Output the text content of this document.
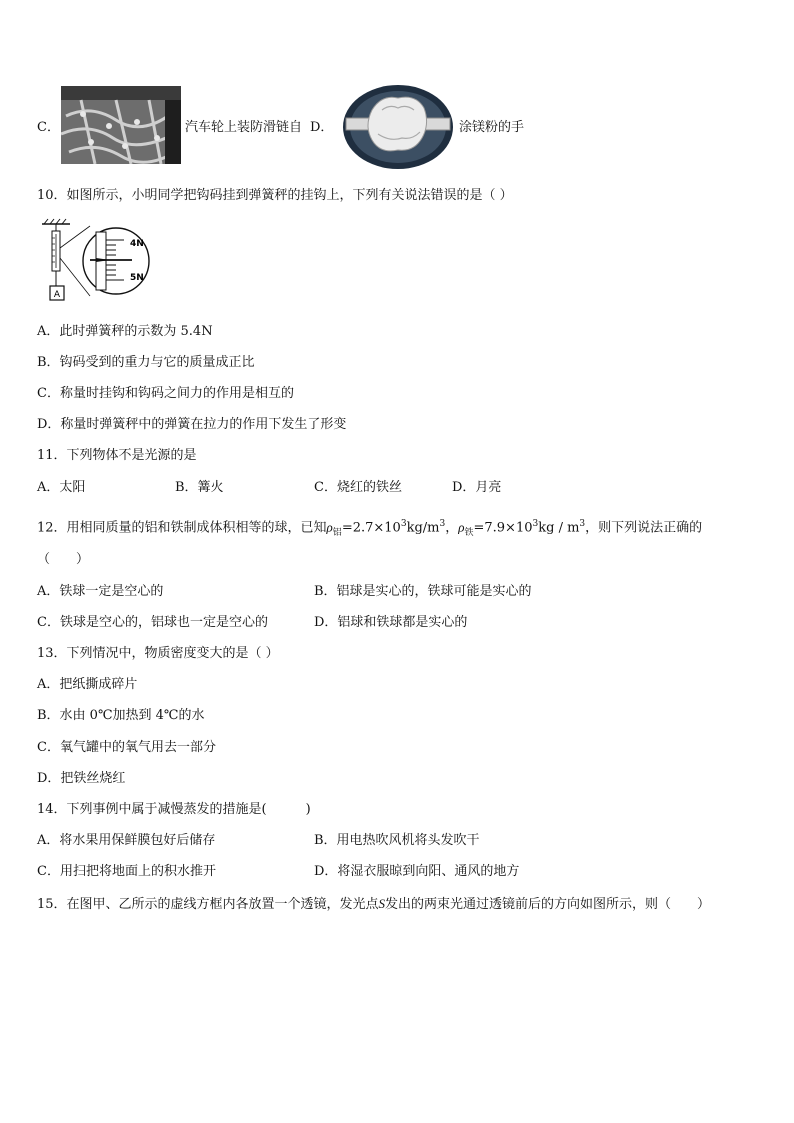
C．	汽车轮上装防滑链自 D．	涂镁粉的手
10．如图所示，小明同学把钩码挂到弹簧秤的挂钩上，下列有关说法错误的是（ ）
A
4N
5N
A．此时弹簧秤的示数为 5.4N
B．钩码受到的重力与它的质量成正比
C．称量时挂钩和钩码之间力的作用是相互的
D．称量时弹簧秤中的弹簧在拉力的作用下发生了形变
11．下列物体不是光源的是
A．太阳	B．篝火	C．烧红的铁丝	D．月亮
12．用相同质量的铝和铁制成体积相等的球，已知$\rho_铝=2.7\times 10^3kg/m^3$，$\rho_铁=7.9\times 10^3kg / m^3$，则下列说法正确的
（　　）
A．铁球一定是空心的	B．铝球是实心的，铁球可能是实心的
C．铁球是空心的，铝球也一定是空心的	D．铝球和铁球都是实心的
13．下列情况中，物质密度变大的是（ ）
A．把纸撕成碎片
B．水由 0℃加热到 4℃的水
C．氧气罐中的氧气用去一部分
D．把铁丝烧红
14．下列事例中属于减慢蒸发的措施是(　　　)
A．将水果用保鲜膜包好后储存	B．用电热吹风机将头发吹干
C．用扫把将地面上的积水推开	D．将湿衣服晾到向阳、通风的地方
15．在图甲、乙所示的虚线方框内各放置一个透镜，发光点S发出的两束光通过透镜前后的方向如图所示，则（　　）
